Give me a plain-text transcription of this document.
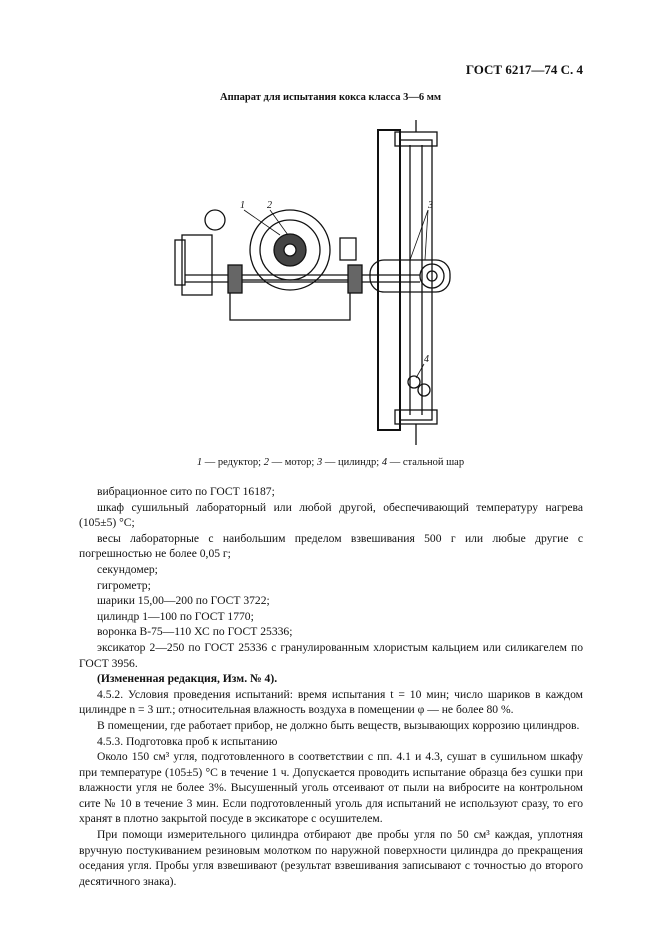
ГОСТ 6217—74 С. 4
Аппарат для испытания кокса класса 3—6 мм
1 2	3
4
1 — редуктор; 2 — мотор; 3 — цилиндр; 4 — стальной шар

вибрационное сито по ГОСТ 16187;

шкаф сушильный лабораторный или любой другой, обеспечивающий температуру нагрева (105±5) °С;

весы лабораторные с наибольшим пределом взвешивания 500 г или любые другие с погрешностью не более 0,05 г;

секундомер;

гигрометр;

шарики 15,00—200 по ГОСТ 3722;

цилиндр 1—100 по ГОСТ 1770;

воронка В-75—110 ХС по ГОСТ 25336;

эксикатор 2—250 по ГОСТ 25336 с гранулированным хлористым кальцием или силикагелем по ГОСТ 3956.

(Измененная редакция, Изм. № 4).

4.5.2. Условия проведения испытаний: время испытания t = 10 мин; число шариков в каждом цилиндре n = 3 шт.; относительная влажность воздуха в помещении φ — не более 80 %.

В помещении, где работает прибор, не должно быть веществ, вызывающих коррозию цилиндров.

4.5.3. Подготовка проб к испытанию

Около 150 см³ угля, подготовленного в соответствии с пп. 4.1 и 4.3, сушат в сушильном шкафу при температуре (105±5) °С в течение 1 ч. Допускается проводить испытание образца без сушки при влажности угля не более 3%. Высушенный уголь отсеивают от пыли на вибросите на контрольном сите № 10 в течение 3 мин. Если подготовленный уголь для испытаний не используют сразу, то его хранят в плотно закрытой посуде в эксикаторе с осушителем.

При помощи измерительного цилиндра отбирают две пробы угля по 50 см³ каждая, уплотняя вручную постукиванием резиновым молотком по наружной поверхности цилиндра до прекращения оседания угля. Пробы угля взвешивают (результат взвешивания записывают с точностью до второго десятичного знака).
